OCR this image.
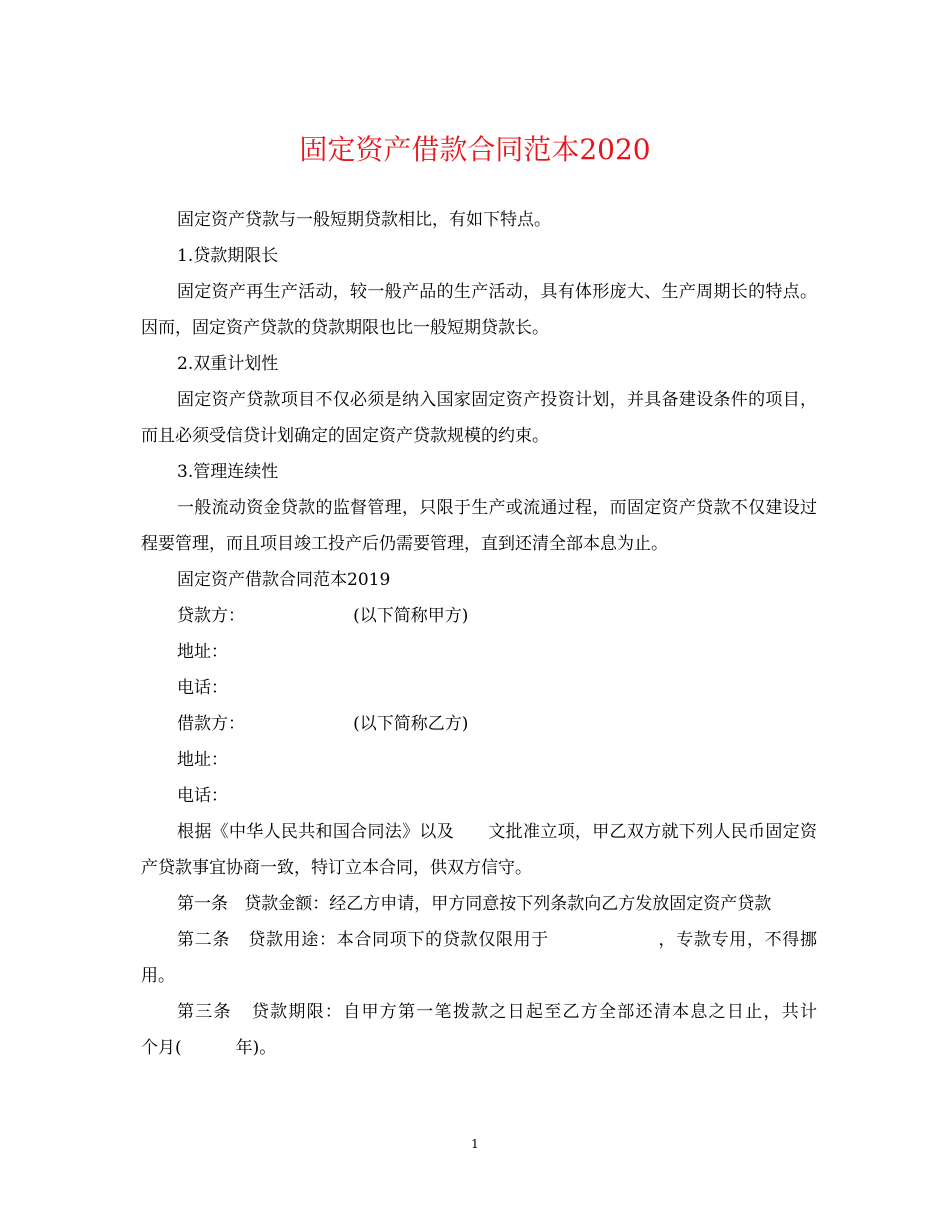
固定资产借款合同范本2020

固定资产贷款与一般短期贷款相比，有如下特点。

1.贷款期限长

固定资产再生产活动，较一般产品的生产活动，具有体形庞大、生产周期长的特点。因而，固定资产贷款的贷款期限也比一般短期贷款长。

2.双重计划性

固定资产贷款项目不仅必须是纳入国家固定资产投资计划，并具备建设条件的项目，而且必须受信贷计划确定的固定资产贷款规模的约束。

3.管理连续性

一般流动资金贷款的监督管理，只限于生产或流通过程，而固定资产贷款不仅建设过程要管理，而且项目竣工投产后仍需要管理，直到还清全部本息为止。

固定资产借款合同范本2019

贷款方：                    (以下简称甲方)

地址：

电话：

借款方：                    (以下简称乙方)

地址：

电话：

根据《中华人民共和国合同法》以及      文批准立项，甲乙双方就下列人民币固定资产贷款事宜协商一致，特订立本合同，供双方信守。

第一条   贷款金额：经乙方申请，甲方同意按下列条款向乙方发放固定资产贷款

第二条   贷款用途：本合同项下的贷款仅限用于                  ，专款专用，不得挪用。

第三条   贷款期限：自甲方第一笔拨款之日起至乙方全部还清本息之日止，共计      个月(          年)。

1
